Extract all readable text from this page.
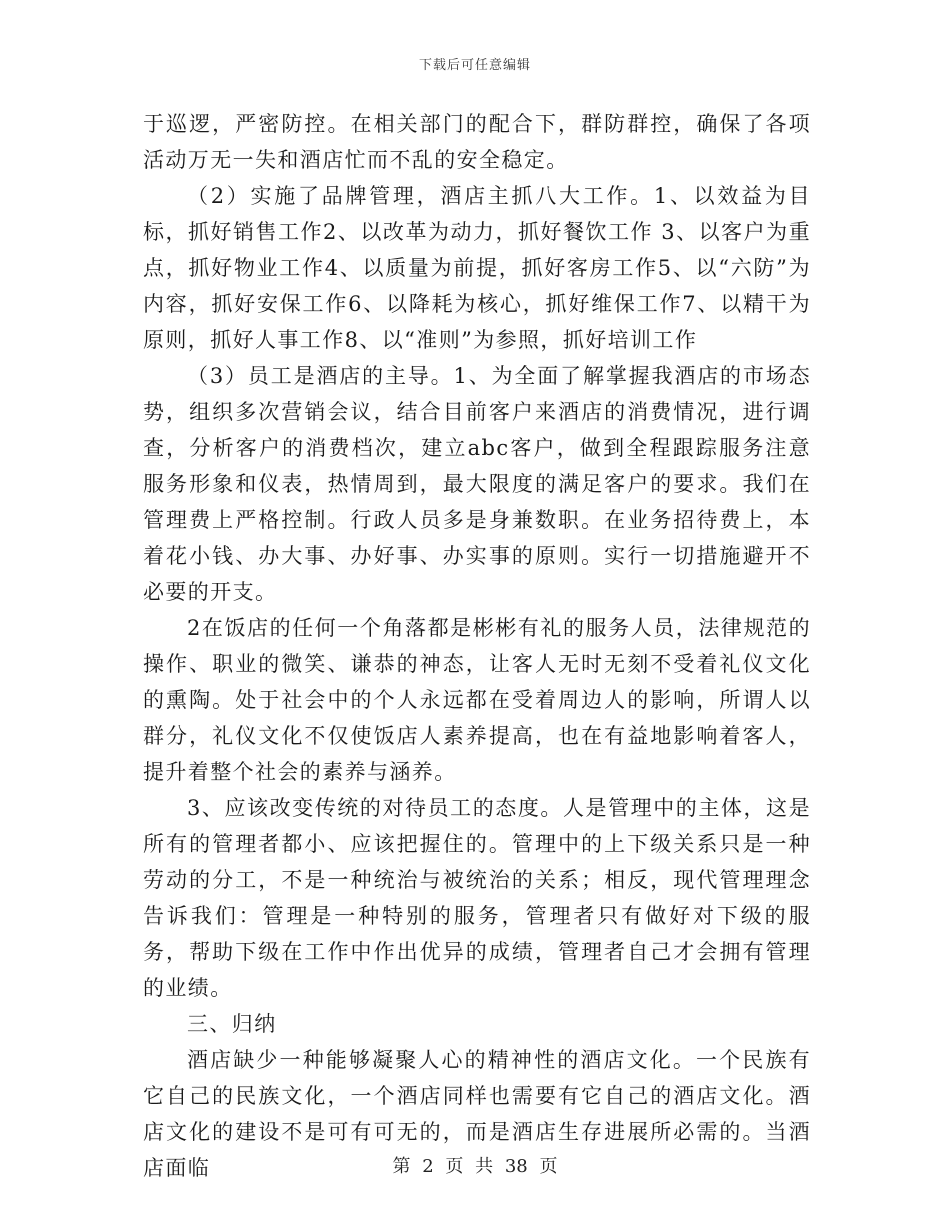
下载后可任意编辑

于巡逻，严密防控。在相关部门的配合下，群防群控，确保了各项活动万无一失和酒店忙而不乱的安全稳定。

（2）实施了品牌管理，酒店主抓八大工作。1、以效益为目标，抓好销售工作2、以改革为动力，抓好餐饮工作 3、以客户为重点，抓好物业工作4、以质量为前提，抓好客房工作5、以“六防”为内容，抓好安保工作6、以降耗为核心，抓好维保工作7、以精干为原则，抓好人事工作8、以“准则”为参照，抓好培训工作

（3）员工是酒店的主导。1、为全面了解掌握我酒店的市场态势，组织多次营销会议，结合目前客户来酒店的消费情况，进行调查，分析客户的消费档次，建立abc客户，做到全程跟踪服务注意服务形象和仪表，热情周到，最大限度的满足客户的要求。我们在管理费上严格控制。行政人员多是身兼数职。在业务招待费上，本着花小钱、办大事、办好事、办实事的原则。实行一切措施避开不必要的开支。

2在饭店的任何一个角落都是彬彬有礼的服务人员，法律规范的操作、职业的微笑、谦恭的神态，让客人无时无刻不受着礼仪文化的熏陶。处于社会中的个人永远都在受着周边人的影响，所谓人以群分，礼仪文化不仅使饭店人素养提高，也在有益地影响着客人，提升着整个社会的素养与涵养。

3、应该改变传统的对待员工的态度。人是管理中的主体，这是所有的管理者都小、应该把握住的。管理中的上下级关系只是一种劳动的分工，不是一种统治与被统治的关系；相反，现代管理理念告诉我们：管理是一种特别的服务，管理者只有做好对下级的服务，帮助下级在工作中作出优异的成绩，管理者自己才会拥有管理的业绩。

三、归纳

酒店缺少一种能够凝聚人心的精神性的酒店文化。一个民族有它自己的民族文化，一个酒店同样也需要有它自己的酒店文化。酒店文化的建设不是可有可无的，而是酒店生存进展所必需的。当酒店面临	第 2 页 共 38 页
